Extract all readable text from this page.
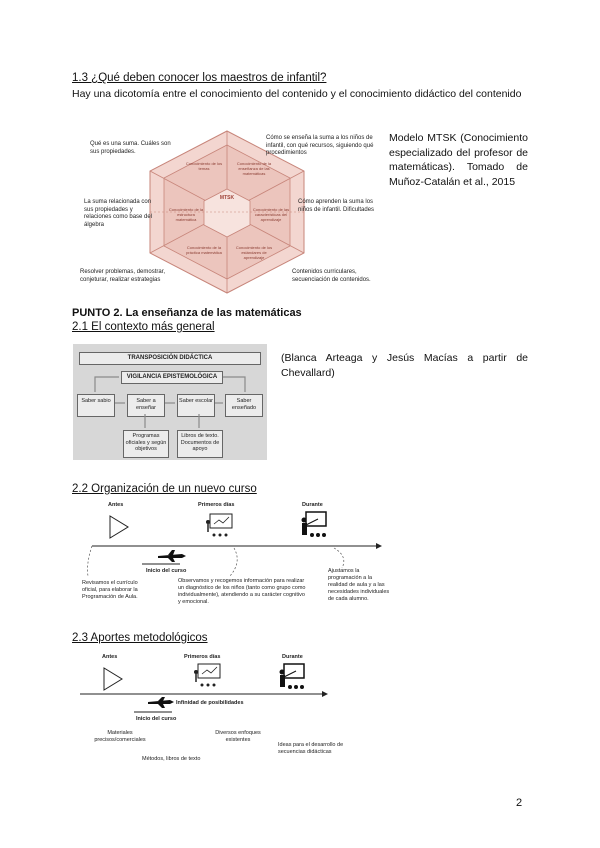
1.3 ¿Qué deben conocer los maestros de infantil?
Hay una dicotomía entre el conocimiento del contenido y el conocimiento didáctico del contenido
MTSK
Conocimiento de los temas
Conocimiento de la enseñanza de las matemáticas
Conocimiento de la estructura matemática
Conocimiento de las características del aprendizaje
Conocimiento de la práctica matemática
Conocimiento de los estándares de aprendizaje
Qué es una suma. Cuáles son sus propiedades.
Cómo se enseña la suma a los niños de infantil, con qué recursos, siguiendo qué procedimientos
La suma relacionada con sus propiedades y relaciones como base del álgebra
Cómo aprenden la suma los niños de infantil. Dificultades
Resolver problemas, demostrar, conjeturar, realizar estrategias
Contenidos curriculares, secuenciación de contenidos.
Modelo MTSK (Conocimiento especializado del profesor de matemáticas). Tomado de Muñoz-Catalán et al., 2015
PUNTO 2. La enseñanza de las matemáticas
2.1 El contexto más general
TRANSPOSICIÓN DIDÁCTICA
VIGILANCIA EPISTEMOLÓGICA
Saber sabio	Saber a enseñar
Saber escolar	Saber enseñado
Programas oficiales y según objetivos
Libros de texto. Documentos de apoyo
(Blanca Arteaga y Jesús Macías a partir de Chevallard)
2.2 Organización de un nuevo curso
Antes	Primeros días	Durante
Inicio del curso
Revisamos el currículo oficial, para elaborar la Programación de Aula.
Observamos y recogemos información para realizar un diagnóstico de los niños (tanto como grupo como individualmente), atendiendo a su carácter cognitivo y emocional.
Ajustamos la programación a la realidad de aula y a las necesidades individuales de cada alumno.
2.3 Aportes metodológicos
Antes	Primeros días	Durante
Infinidad de posibilidades
Inicio del curso
Materiales precisos/comerciales
Diversos enfoques existentes
Métodos, libros de texto
Ideas para el desarrollo de secuencias didácticas
2
